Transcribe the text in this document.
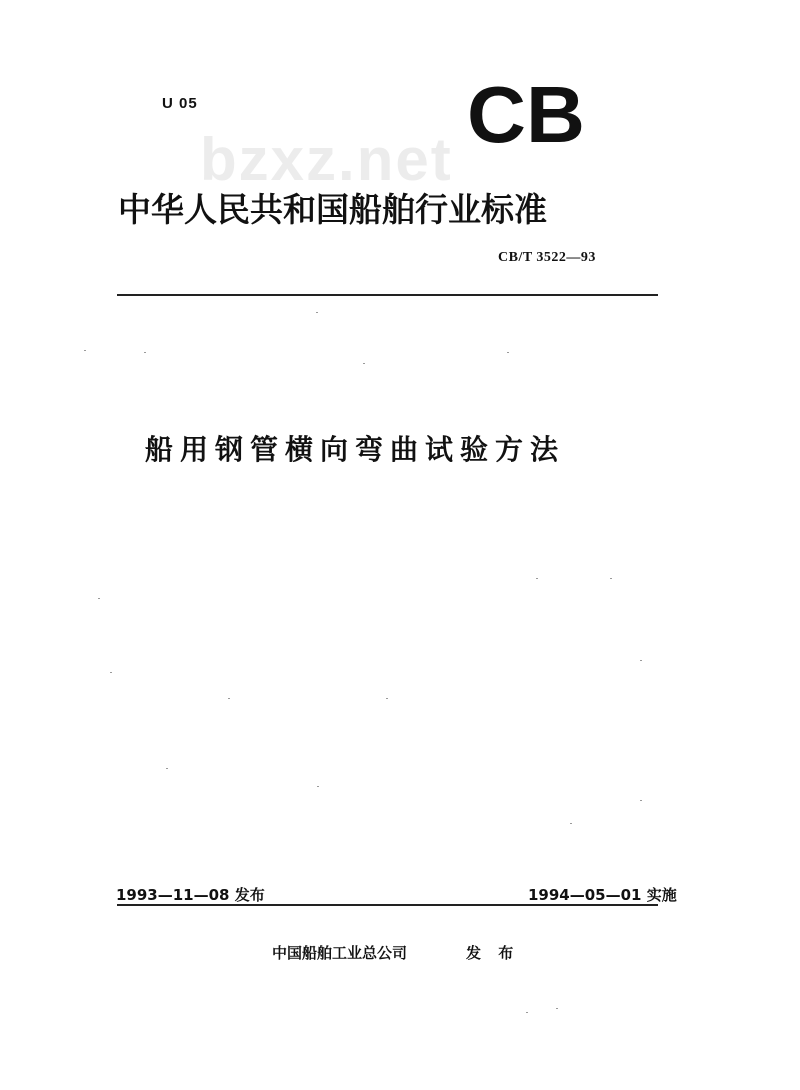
U 05	CB
bzxz.net
中华人民共和国船舶行业标准
CB/T 3522—93
船用钢管横向弯曲试验方法
1993—11—08 发布	1994—05—01 实施
中国船舶工业总公司	发 布
